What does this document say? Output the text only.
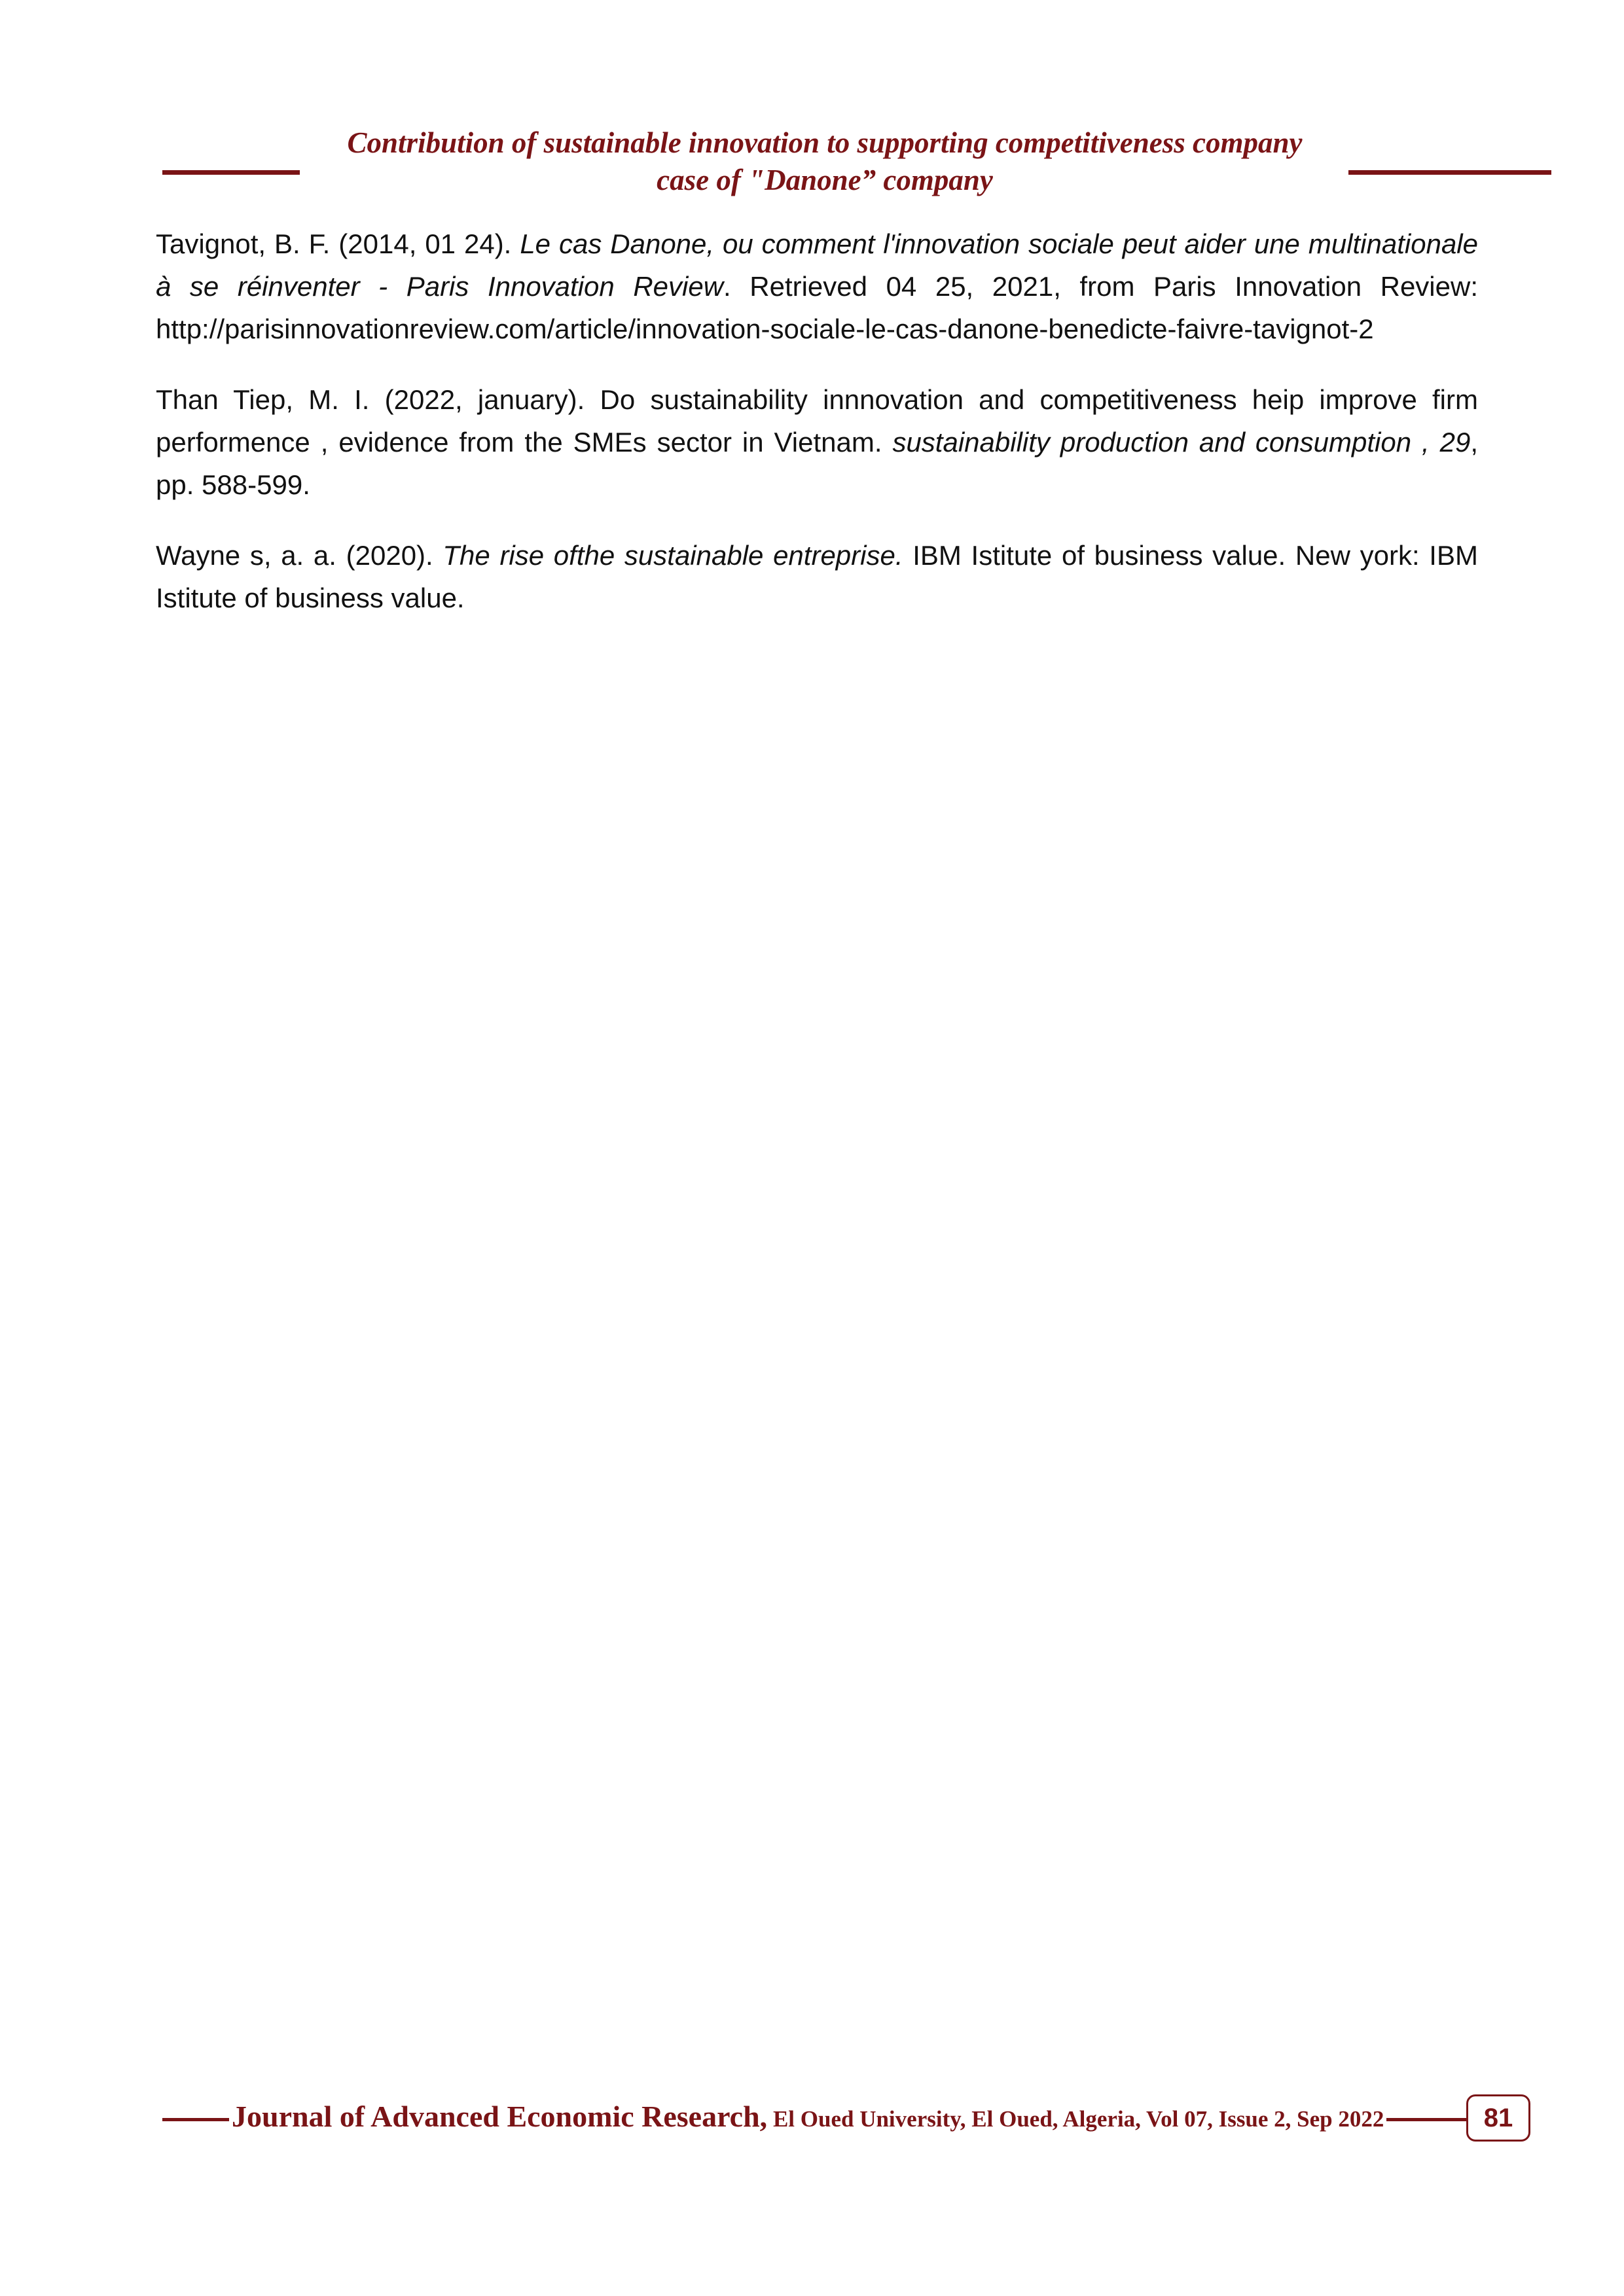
Contribution of sustainable innovation to supporting competitiveness company
case of "Danone” company

Tavignot, B. F. (2014, 01 24). Le cas Danone, ou comment l'innovation sociale peut aider une multinationale à se réinventer - Paris Innovation Review. Retrieved 04 25, 2021, from Paris Innovation Review: http://parisinnovationreview.com/article/innovation-sociale-le-cas-danone-benedicte-faivre-tavignot-2

Than Tiep, M. I. (2022, january). Do sustainability innnovation and competitiveness heip improve firm performence , evidence from the SMEs sector in Vietnam. sustainability production and consumption , 29, pp. 588-599.

Wayne s, a. a. (2020). The rise ofthe sustainable entreprise. IBM Istitute of business value. New york: IBM Istitute of business value.

Journal of Advanced Economic Research, El Oued University, El Oued, Algeria, Vol 07, Issue 2, Sep 2022	81
